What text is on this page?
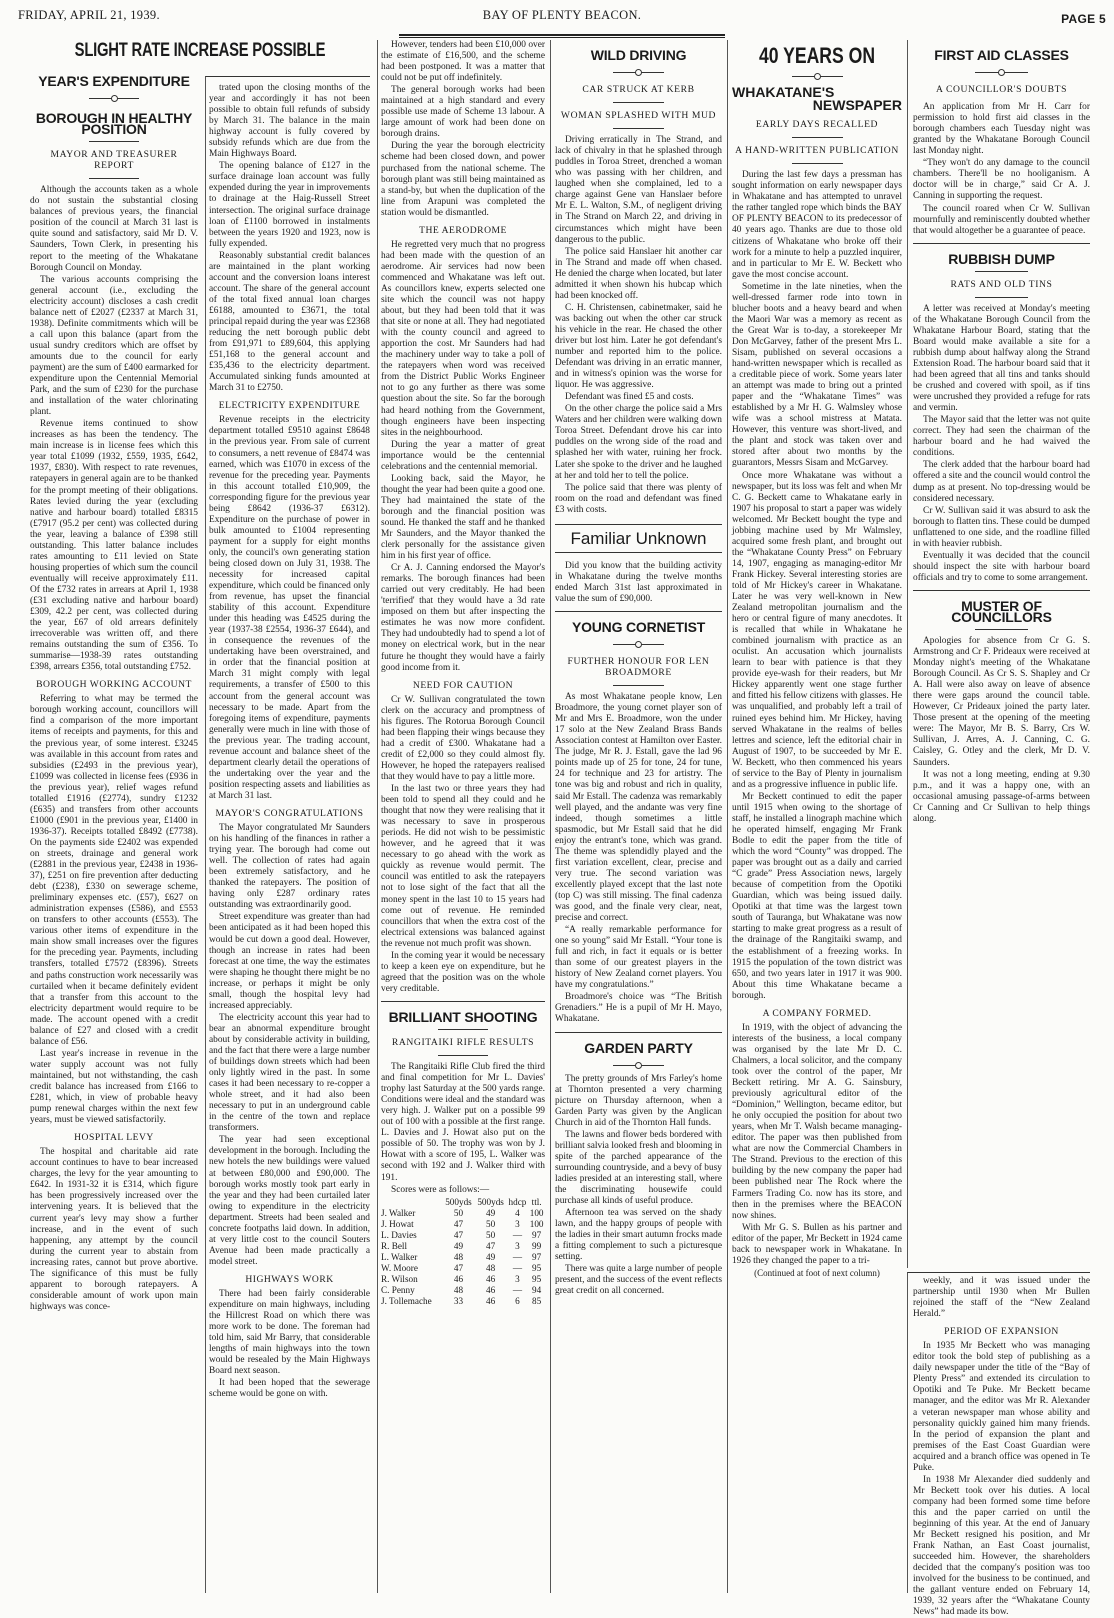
FRIDAY, APRIL 21, 1939.	BAY OF PLENTY BEACON.	PAGE 5
SLIGHT RATE INCREASE POSSIBLE
YEAR'S EXPENDITURE
BOROUGH IN HEALTHY POSITION
MAYOR AND TREASURER REPORT

Although the accounts taken as a whole do not sustain the substantial closing balances of previous years, the financial position of the council at March 31 last is quite sound and satisfactory, said Mr D. V. Saunders, Town Clerk, in presenting his report to the meeting of the Whakatane Borough Council on Monday.

The various accounts comprising the general account (i.e., excluding the electricity account) discloses a cash credit balance nett of £2027 (£2337 at March 31, 1938). Definite commitments which will be a call upon this balance (apart from the usual sundry creditors which are offset by amounts due to the council for early payment) are the sum of £400 earmarked for expenditure upon the Centennial Memorial Park, and the sum of £230 for the purchase and installation of the water chlorinating plant.

Revenue items continued to show increases as has been the tendency. The main increase is in license fees which this year total £1099 (1932, £559, 1935, £642, 1937, £830). With respect to rate revenues, ratepayers in general again are to be thanked for the prompt meeting of their obligations. Rates levied during the year (excluding native and harbour board) totalled £8315 (£7917 (95.2 per cent) was collected during the year, leaving a balance of £398 still outstanding. This latter balance includes rates amounting to £11 levied on State housing properties of which sum the council eventually will receive approximately £11. Of the £732 rates in arrears at April 1, 1938 (£31 excluding native and harbour board) £309, 42.2 per cent, was collected during the year, £67 of old arrears definitely irrecoverable was written off, and there remains outstanding the sum of £356. To summarise—1938-39 rates outstanding £398, arrears £356, total outstanding £752.

BOROUGH WORKING ACCOUNT

Referring to what may be termed the borough working account, councillors will find a comparison of the more important items of receipts and payments, for this and the previous year, of some interest. £3245 was available in this account from rates and subsidies (£2493 in the previous year), £1099 was collected in license fees (£936 in the previous year), relief wages refund totalled £1916 (£2774), sundry £1232 (£635) and transfers from other accounts £1000 (£901 in the previous year, £1400 in 1936-37). Receipts totalled £8492 (£7738). On the payments side £2402 was expended on streets, drainage and general work (£2881 in the previous year, £2438 in 1936-37), £251 on fire prevention after deducting debt (£238), £330 on sewerage scheme, preliminary expenses etc. (£57), £627 on administration expenses (£586), and £553 on transfers to other accounts (£553). The various other items of expenditure in the main show small increases over the figures for the preceding year. Payments, including transfers, totalled £7572 (£8396). Streets and paths construction work necessarily was curtailed when it became definitely evident that a transfer from this account to the electricity department would require to be made. The account opened with a credit balance of £27 and closed with a credit balance of £56.

Last year's increase in revenue in the water supply account was not fully maintained, but not withstanding, the cash credit balance has increased from £166 to £281, which, in view of probable heavy pump renewal charges within the next few years, must be viewed satisfactorily.

HOSPITAL LEVY

The hospital and charitable aid rate account continues to have to bear increased charges, the levy for the year amounting to £642. In 1931-32 it is £314, which figure has been progressively increased over the intervening years. It is believed that the current year's levy may show a further increase, and in the event of such happening, any attempt by the council during the current year to abstain from increasing rates, cannot but prove abortive. The significance of this must be fully apparent to borough ratepayers. A considerable amount of work upon main highways was conce-

trated upon the closing months of the year and accordingly it has not been possible to obtain full refunds of subsidy by March 31. The balance in the main highway account is fully covered by subsidy refunds which are due from the Main Highways Board.

The opening balance of £127 in the surface drainage loan account was fully expended during the year in improvements to drainage at the Haig-Russell Street intersection. The original surface drainage loan of £1100 borrowed in instalments between the years 1920 and 1923, now is fully expended.

Reasonably substantial credit balances are maintained in the plant working account and the conversion loans interest account. The share of the general account of the total fixed annual loan charges £6188, amounted to £3671, the total principal repaid during the year was £2368 reducing the nett borough public debt from £91,971 to £89,604, this applying £51,168 to the general account and £35,436 to the electricity department. Accumulated sinking funds amounted at March 31 to £2750.

ELECTRICITY EXPENDITURE

Revenue receipts in the electricity department totalled £9510 against £8648 in the previous year. From sale of current to consumers, a nett revenue of £8474 was earned, which was £1070 in excess of the revenue for the preceding year. Payments in this account totalled £10,909, the corresponding figure for the previous year being £8642 (1936-37 £6312). Expenditure on the purchase of power in bulk amounted to £1004 representing payment for a supply for eight months only, the council's own generating station being closed down on July 31, 1938. The necessity for increased capital expenditure, which could be financed only from revenue, has upset the financial stability of this account. Expenditure under this heading was £4525 during the year (1937-38 £2554, 1936-37 £644), and in consequence the revenues of the undertaking have been overstrained, and in order that the financial position at March 31 might comply with legal requirements, a transfer of £500 to this account from the general account was necessary to be made. Apart from the foregoing items of expenditure, payments generally were much in line with those of the previous year. The trading account, revenue account and balance sheet of the department clearly detail the operations of the undertaking over the year and the position respecting assets and liabilities as at March 31 last.

MAYOR'S CONGRATULATIONS

The Mayor congratulated Mr Saunders on his handling of the finances in rather a trying year. The borough had come out well. The collection of rates had again been extremely satisfactory, and he thanked the ratepayers. The position of having only £287 ordinary rates outstanding was extraordinarily good.

Street expenditure was greater than had been anticipated as it had been hoped this would be cut down a good deal. However, though an increase in rates had been forecast at one time, the way the estimates were shaping he thought there might be no increase, or perhaps it might be only small, though the hospital levy had increased appreciably.

The electricity account this year had to bear an abnormal expenditure brought about by considerable activity in building, and the fact that there were a large number of buildings down streets which had been only lightly wired in the past. In some cases it had been necessary to re-copper a whole street, and it had also been necessary to put in an underground cable in the centre of the town and replace transformers.

The year had seen exceptional development in the borough. Including the new hotels the new buildings were valued at between £80,000 and £90,000. The borough works mostly took part early in the year and they had been curtailed later owing to expenditure in the electricity department. Streets had been sealed and concrete footpaths laid down. In addition, at very little cost to the council Souters Avenue had been made practically a model street.

HIGHWAYS WORK

There had been fairly considerable expenditure on main highways, including the Hillcrest Road on which there was more work to be done. The foreman had told him, said Mr Barry, that considerable lengths of main highways into the town would be resealed by the Main Highways Board next season.

It had been hoped that the sewerage scheme would be gone on with.

However, tenders had been £10,000 over the estimate of £16,500, and the scheme had been postponed. It was a matter that could not be put off indefinitely.

The general borough works had been maintained at a high standard and every possible use made of Scheme 13 labour. A large amount of work had been done on borough drains.

During the year the borough electricity scheme had been closed down, and power purchased from the national scheme. The borough plant was still being maintained as a stand-by, but when the duplication of the line from Arapuni was completed the station would be dismantled.

THE AERODROME

He regretted very much that no progress had been made with the question of an aerodrome. Air services had now been commenced and Whakatane was left out. As councillors knew, experts selected one site which the council was not happy about, but they had been told that it was that site or none at all. They had negotiated with the county council and agreed to apportion the cost. Mr Saunders had had the machinery under way to take a poll of the ratepayers when word was received from the District Public Works Engineer not to go any further as there was some question about the site. So far the borough had heard nothing from the Government, though engineers have been inspecting sites in the neighbourhood.

During the year a matter of great importance would be the centennial celebrations and the centennial memorial.

Looking back, said the Mayor, he thought the year had been quite a good one. They had maintained the state of the borough and the financial position was sound. He thanked the staff and he thanked Mr Saunders, and the Mayor thanked the clerk personally for the assistance given him in his first year of office.

Cr A. J. Canning endorsed the Mayor's remarks. The borough finances had been carried out very creditably. He had been 'terrified' that they would have a 3d rate imposed on them but after inspecting the estimates he was now more confident. They had undoubtedly had to spend a lot of money on electrical work, but in the near future he thought they would have a fairly good income from it.

NEED FOR CAUTION

Cr W. Sullivan congratulated the town clerk on the accuracy and promptness of his figures. The Rotorua Borough Council had been flapping their wings because they had a credit of £300. Whakatane had a credit of £2,000 so they could almost fly. However, he hoped the ratepayers realised that they would have to pay a little more.

In the last two or three years they had been told to spend all they could and he thought that now they were realising that it was necessary to save in prosperous periods. He did not wish to be pessimistic however, and he agreed that it was necessary to go ahead with the work as quickly as revenue would permit. The council was entitled to ask the ratepayers not to lose sight of the fact that all the money spent in the last 10 to 15 years had come out of revenue. He reminded councillors that when the extra cost of the electrical extensions was balanced against the revenue not much profit was shown.

In the coming year it would be necessary to keep a keen eye on expenditure, but he agreed that the position was on the whole very creditable.

BRILLIANT SHOOTING
RANGITAIKI RIFLE RESULTS

The Rangitaiki Rifle Club fired the third and final competition for Mr L. Davies' trophy last Saturday at the 500 yards range. Conditions were ideal and the standard was very high. J. Walker put on a possible 99 out of 100 with a possible at the first range. L. Davies and J. Howat also put on the possible of 50. The trophy was won by J. Howat with a score of 195, L. Walker was second with 192 and J. Walker third with 191.

Scores were as follows:—

	500yds	500yds	hdcp	ttl.
J. Walker	50	49	4	100
J. Howat	47	50	3	100
L. Davies	47	50	—	97
R. Bell	49	47	3	99
L. Walker	48	49	—	97
W. Moore	47	48	—	95
R. Wilson	46	46	3	95
C. Penny	48	46	—	94
J. Tollemache	33	46	6	85
WILD DRIVING
CAR STRUCK AT KERB
WOMAN SPLASHED WITH MUD

Driving erratically in The Strand, and lack of chivalry in that he splashed through puddles in Toroa Street, drenched a woman who was passing with her children, and laughed when she complained, led to a charge against Gene van Hanslaer before Mr E. L. Walton, S.M., of negligent driving in The Strand on March 22, and driving in circumstances which might have been dangerous to the public.

The police said Hanslaer hit another car in The Strand and made off when chased. He denied the charge when located, but later admitted it when shown his hubcap which had been knocked off.

C. H. Christensen, cabinetmaker, said he was backing out when the other car struck his vehicle in the rear. He chased the other driver but lost him. Later he got defendant's number and reported him to the police. Defendant was driving in an erratic manner, and in witness's opinion was the worse for liquor. He was aggressive.

Defendant was fined £5 and costs.

On the other charge the police said a Mrs Waters and her children were walking down Toroa Street. Defendant drove his car into puddles on the wrong side of the road and splashed her with water, ruining her frock. Later she spoke to the driver and he laughed at her and told her to tell the police.

The police said that there was plenty of room on the road and defendant was fined £3 with costs.

Familiar Unknown

Did you know that the building activity in Whakatane during the twelve months ended March 31st last approximated in value the sum of £90,000.

YOUNG CORNETIST
FURTHER HONOUR FOR LEN BROADMORE

As most Whakatane people know, Len Broadmore, the young cornet player son of Mr and Mrs E. Broadmore, won the under 17 solo at the New Zealand Brass Bands Association contest at Hamilton over Easter. The judge, Mr R. J. Estall, gave the lad 96 points made up of 25 for tone, 24 for tune, 24 for technique and 23 for artistry. The tone was big and robust and rich in quality, said Mr Estall. The cadenza was remarkably well played, and the andante was very fine indeed, though sometimes a little spasmodic, but Mr Estall said that he did enjoy the entrant's tone, which was grand. The theme was splendidly played and the first variation excellent, clear, precise and very true. The second variation was excellently played except that the last note (top C) was still missing. The final cadenza was good, and the finale very clear, neat, precise and correct.

“A really remarkable performance for one so young” said Mr Estall. “Your tone is full and rich, in fact it equals or is better than some of our greatest players in the history of New Zealand cornet players. You have my congratulations.”

Broadmore's choice was “The British Grenadiers.” He is a pupil of Mr H. Mayo, Whakatane.

GARDEN PARTY

The pretty grounds of Mrs Farley's home at Thornton presented a very charming picture on Thursday afternoon, when a Garden Party was given by the Anglican Church in aid of the Thornton Hall funds.

The lawns and flower beds bordered with brilliant salvia looked fresh and blooming in spite of the parched appearance of the surrounding countryside, and a bevy of busy ladies presided at an interesting stall, where the discriminating housewife could purchase all kinds of useful produce.

Afternoon tea was served on the shady lawn, and the happy groups of people with the ladies in their smart autumn frocks made a fitting complement to such a picturesque setting.

There was quite a large number of people present, and the success of the event reflects great credit on all concerned.

40 YEARS ON
WHAKATANE'S
NEWSPAPER
EARLY DAYS RECALLED
A HAND-WRITTEN PUBLICATION

During the last few days a pressman has sought information on early newspaper days in Whakatane and has attempted to unravel the rather tangled rope which binds the BAY OF PLENTY BEACON to its predecessor of 40 years ago. Thanks are due to those old citizens of Whakatane who broke off their work for a minute to help a puzzled inquirer, and in particular to Mr E. W. Beckett who gave the most concise account.

Sometime in the late nineties, when the well-dressed farmer rode into town in blucher boots and a heavy beard and when the Maori War was a memory as recent as the Great War is to-day, a storekeeper Mr Don McGarvey, father of the present Mrs L. Sisam, published on several occasions a hand-written newspaper which is recalled as a creditable piece of work. Some years later an attempt was made to bring out a printed paper and the “Whakatane Times” was established by a Mr H. G. Walmsley whose wife was a school mistress at Matata. However, this venture was short-lived, and the plant and stock was taken over and stored after about two months by the guarantors, Messrs Sisam and McGarvey.

Once more Whakatane was without a newspaper, but its loss was felt and when Mr C. G. Beckett came to Whakatane early in 1907 his proposal to start a paper was widely welcomed. Mr Beckett bought the type and jobbing machine used by Mr Walmsley, acquired some fresh plant, and brought out the “Whakatane County Press” on February 14, 1907, engaging as managing-editor Mr Frank Hickey. Several interesting stories are told of Mr Hickey's career in Whakatane. Later he was very well-known in New Zealand metropolitan journalism and the hero or central figure of many anecdotes. It is recalled that while in Whakatane he combined journalism with practice as an oculist. An accusation which journalists learn to bear with patience is that they provide eye-wash for their readers, but Mr Hickey apparently went one stage further and fitted his fellow citizens with glasses. He was unqualified, and probably left a trail of ruined eyes behind him. Mr Hickey, having served Whakatane in the realms of belles lettres and science, left the editorial chair in August of 1907, to be succeeded by Mr E. W. Beckett, who then commenced his years of service to the Bay of Plenty in journalism and as a progressive influence in public life.

Mr Beckett continued to edit the paper until 1915 when owing to the shortage of staff, he installed a linograph machine which he operated himself, engaging Mr Frank Bodle to edit the paper from the title of which the word “County” was dropped. The paper was brought out as a daily and carried “C grade” Press Association news, largely because of competition from the Opotiki Guardian, which was being issued daily. Opotiki at that time was the largest town south of Tauranga, but Whakatane was now starting to make great progress as a result of the drainage of the Rangitaiki swamp, and the establishment of a freezing works. In 1915 the population of the town district was 650, and two years later in 1917 it was 900. About this time Whakatane became a borough.

A COMPANY FORMED.

In 1919, with the object of advancing the interests of the business, a local company was organised by the late Mr D. C. Chalmers, a local solicitor, and the company took over the control of the paper, Mr Beckett retiring. Mr A. G. Sainsbury, previously agricultural editor of the “Dominion,” Wellington, became editor, but he only occupied the position for about two years, when Mr T. Walsh became managing-editor. The paper was then published from what are now the Commercial Chambers in The Strand. Previous to the erection of this building by the new company the paper had been published near The Rock where the Farmers Trading Co. now has its store, and then in the premises where the BEACON now shines.

With Mr G. S. Bullen as his partner and editor of the paper, Mr Beckett in 1924 came back to newspaper work in Whakatane. In 1926 they changed the paper to a tri-

(Continued at foot of next column)
FIRST AID CLASSES
A COUNCILLOR'S DOUBTS

An application from Mr H. Carr for permission to hold first aid classes in the borough chambers each Tuesday night was granted by the Whakatane Borough Council last Monday night.

“They won't do any damage to the council chambers. There'll be no hooliganism. A doctor will be in charge,” said Cr A. J. Canning in supporting the request.

The council roared when Cr W. Sullivan mournfully and reminiscently doubted whether that would altogether be a guarantee of peace.

RUBBISH DUMP
RATS AND OLD TINS

A letter was received at Monday's meeting of the Whakatane Borough Council from the Whakatane Harbour Board, stating that the Board would make available a site for a rubbish dump about halfway along the Strand Extension Road. The harbour board said that it had been agreed that all tins and tanks should be crushed and covered with spoil, as if tins were uncrushed they provided a refuge for rats and vermin.

The Mayor said that the letter was not quite correct. They had seen the chairman of the harbour board and he had waived the conditions.

The clerk added that the harbour board had offered a site and the council would control the dump as at present. No top-dressing would be considered necessary.

Cr W. Sullivan said it was absurd to ask the borough to flatten tins. These could be dumped unflattened to one side, and the roadline filled in with heavier rubbish.

Eventually it was decided that the council should inspect the site with harbour board officials and try to come to some arrangement.

MUSTER OF COUNCILLORS

Apologies for absence from Cr G. S. Armstrong and Cr F. Prideaux were received at Monday night's meeting of the Whakatane Borough Council. As Cr S. S. Shapley and Cr A. Hall were also away on leave of absence there were gaps around the council table. However, Cr Prideaux joined the party later. Those present at the opening of the meeting were: The Mayor, Mr B. S. Barry, Crs W. Sullivan, J. Arres, A. J. Canning, C. G. Caisley, G. Otley and the clerk, Mr D. V. Saunders.

It was not a long meeting, ending at 9.30 p.m., and it was a happy one, with an occasional amusing passage-of-arms between Cr Canning and Cr Sullivan to help things along.

weekly, and it was issued under the partnership until 1930 when Mr Bullen rejoined the staff of the “New Zealand Herald.”

PERIOD OF EXPANSION

In 1935 Mr Beckett who was managing editor took the bold step of publishing as a daily newspaper under the title of the “Bay of Plenty Press” and extended its circulation to Opotiki and Te Puke. Mr Beckett became manager, and the editor was Mr R. Alexander a veteran newspaper man whose ability and personality quickly gained him many friends. In the period of expansion the plant and premises of the East Coast Guardian were acquired and a branch office was opened in Te Puke.

In 1938 Mr Alexander died suddenly and Mr Beckett took over his duties. A local company had been formed some time before this and the paper carried on until the beginning of this year. At the end of January Mr Beckett resigned his position, and Mr Frank Nathan, an East Coast journalist, succeeded him. However, the shareholders decided that the company's position was too involved for the business to be continued, and the gallant venture ended on February 14, 1939, 32 years after the “Whakatane County News” had made its bow.
